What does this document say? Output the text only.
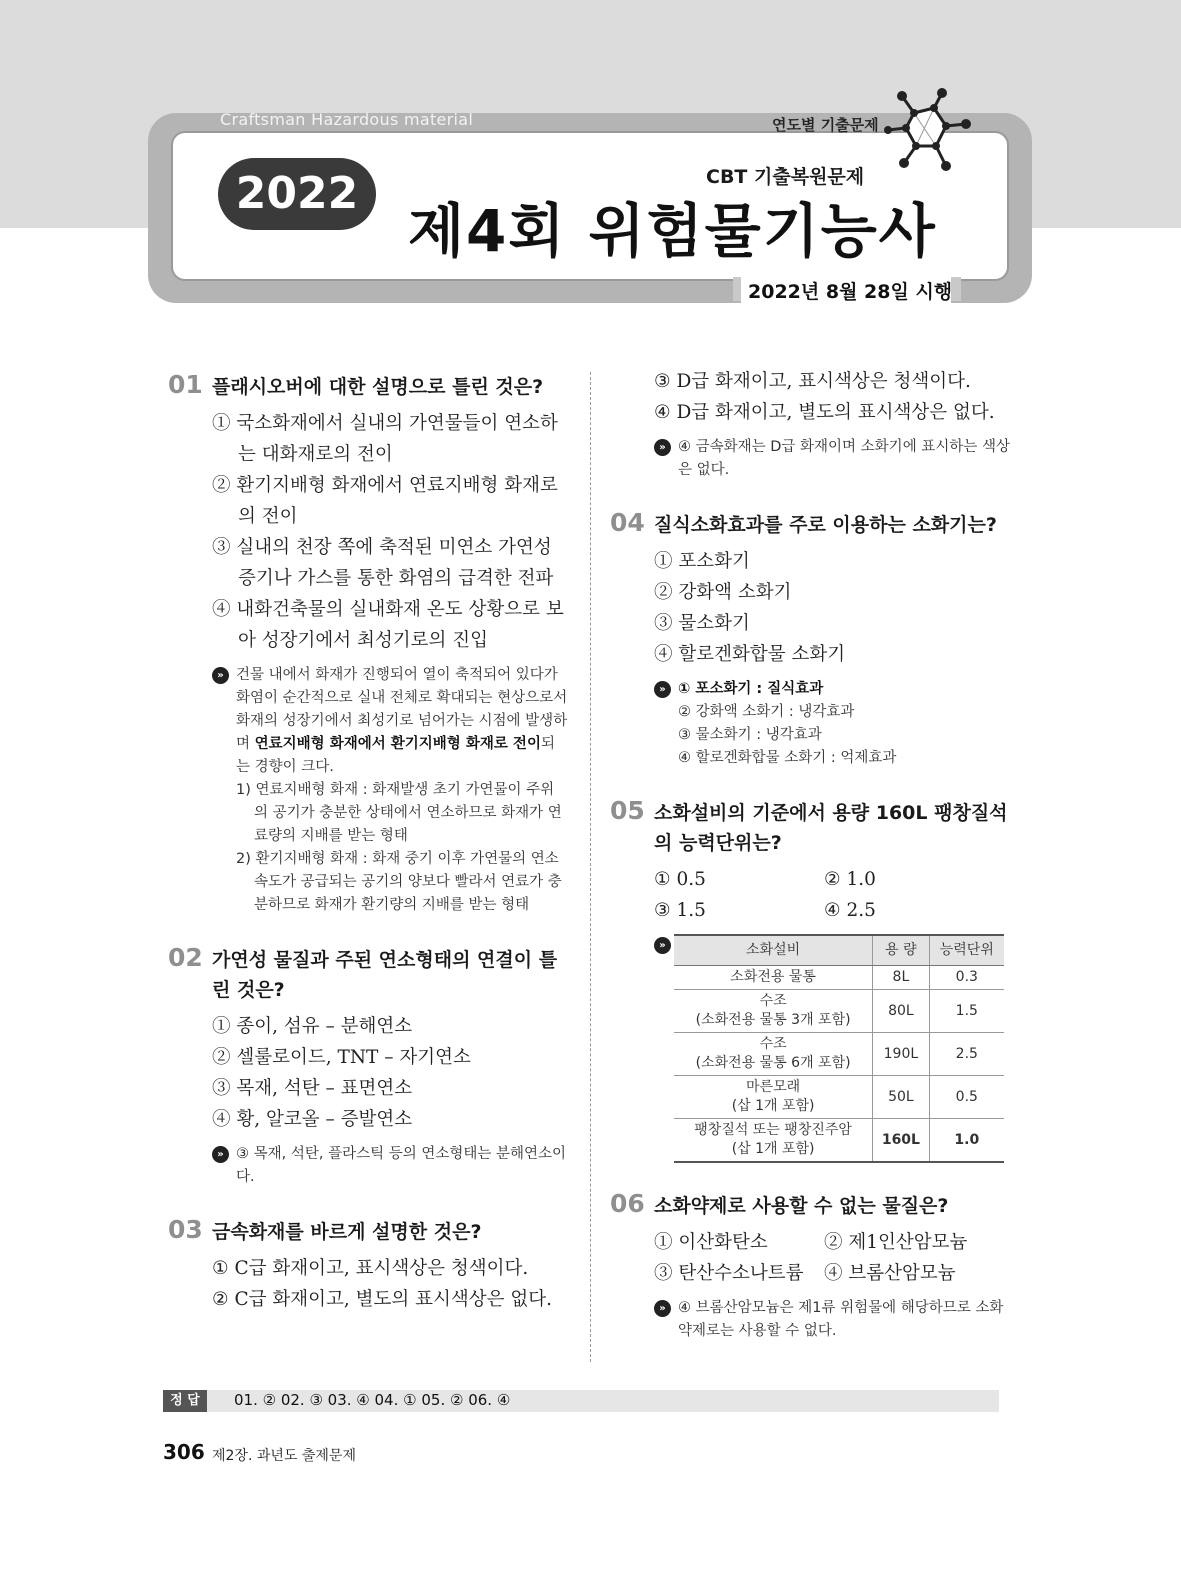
Craftsman Hazardous material	연도별 기출문제
2022	CBT 기출복원문제
제4회 위험물기능사
2022년 8월 28일 시행
01 플래시오버에 대한 설명으로 틀린 것은?
① 국소화재에서 실내의 가연물들이 연소하는 대화재로의 전이
② 환기지배형 화재에서 연료지배형 화재로의 전이
③ 실내의 천장 쪽에 축적된 미연소 가연성 증기나 가스를 통한 화염의 급격한 전파
④ 내화건축물의 실내화재 온도 상황으로 보아 성장기에서 최성기로의 진입
» 건물 내에서 화재가 진행되어 열이 축적되어 있다가 화염이 순간적으로 실내 전체로 확대되는 현상으로서 화재의 성장기에서 최성기로 넘어가는 시점에 발생하며 연료지배형 화재에서 환기지배형 화재로 전이되는 경향이 크다.
1) 연료지배형 화재 : 화재발생 초기 가연물이 주위의 공기가 충분한 상태에서 연소하므로 화재가 연료량의 지배를 받는 형태
2) 환기지배형 화재 : 화재 중기 이후 가연물의 연소속도가 공급되는 공기의 양보다 빨라서 연료가 충분하므로 화재가 환기량의 지배를 받는 형태
02 가연성 물질과 주된 연소형태의 연결이 틀린 것은?
① 종이, 섬유 – 분해연소
② 셀룰로이드, TNT – 자기연소
③ 목재, 석탄 – 표면연소
④ 황, 알코올 – 증발연소
» ③ 목재, 석탄, 플라스틱 등의 연소형태는 분해연소이다.
03 금속화재를 바르게 설명한 것은?
① C급 화재이고, 표시색상은 청색이다.
② C급 화재이고, 별도의 표시색상은 없다.
③ D급 화재이고, 표시색상은 청색이다.
④ D급 화재이고, 별도의 표시색상은 없다.
» ④ 금속화재는 D급 화재이며 소화기에 표시하는 색상은 없다.
04 질식소화효과를 주로 이용하는 소화기는?
① 포소화기
② 강화액 소화기
③ 물소화기
④ 할로겐화합물 소화기
» ① 포소화기 : 질식효과
② 강화액 소화기 : 냉각효과
③ 물소화기 : 냉각효과
④ 할로겐화합물 소화기 : 억제효과
05 소화설비의 기준에서 용량 160L 팽창질석의 능력단위는?
① 0.5	② 1.0
③ 1.5	④ 2.5
»	소화설비	용 량	능력단위
소화전용 물통	8L	0.3

수조
(소화전용 물통 3개 포함)	80L	1.5

수조
(소화전용 물통 6개 포함)	190L	2.5

마른모래
(삽 1개 포함)	50L	0.5

팽창질석 또는 팽창진주암
(삽 1개 포함)	160L	1.0
06 소화약제로 사용할 수 없는 물질은?
① 이산화탄소	② 제1인산암모늄
③ 탄산수소나트륨	④ 브롬산암모늄
» ④ 브롬산암모늄은 제1류 위험물에 해당하므로 소화약제로는 사용할 수 없다.
정 답	01. ② 02. ③ 03. ④ 04. ① 05. ② 06. ④
306 제2장. 과년도 출제문제
